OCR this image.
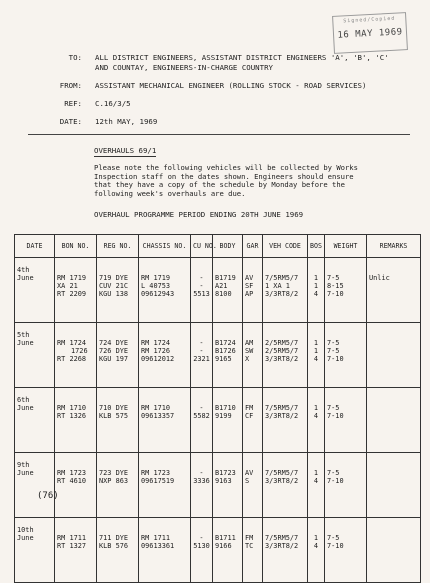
Signed/Copied
16 MAY 1969
TO: ALL DISTRICT ENGINEERS, ASSISTANT DISTRICT ENGINEERS 'A', 'B', 'C'
AND COUNTAY, ENGINEERS-IN-CHARGE COUNTRY
FROM: ASSISTANT MECHANICAL ENGINEER (ROLLING STOCK - ROAD SERVICES)
REF: C.16/3/5
DATE: 12th MAY, 1969
OVERHAULS 69/1

Please note the following vehicles will be collected by Works

Inspection staff on the dates shown. Engineers should ensure

that they have a copy of the schedule by Monday before the

following week's overhauls are due.

OVERHAUL PROGRAMME PERIOD ENDING 20TH JUNE 1969
DATE	BON NO.	REG NO.	CHASSIS NO.	CU NO.	BODY	GAR	VEH CODE	BOS	WEIGHT	REMARKS

4th
June	RM 1719
XA 21
RT 2209	719 DYE
CUV 21C
KGU 138	RM 1719
L 40753
09612943	-
-
5513	B1719
A21
8100	AV
SF
AP	7/5RM5/7
1 XA 1
3/3RT8/2	1
1
4	7-5
8-15
7-10	Unlic

5th
June	RM 1724
1726
RT 2268	724 DYE
726 DYE
KGU 197	RM 1724
RM 1726
09612012	-
-
2321	B1724
B1726
9165	AM
SW
X	2/5RM5/7
2/5RM5/7
3/3RT8/2	1
1
4	7-5
7-5
7-10	

6th
June	RM 1710
RT 1326	710 DYE
KLB 575	RM 1710
09613357	-
5582	B1710
9199	FM
CF	7/5RM5/7
3/3RT8/2	1
4	7-5
7-10	

9th
June	RM 1723
RT 4610	723 DYE
NXP 863	RM 1723
09617519	-
3336	B1723
9163	AV
S	7/5RM5/7
3/3RT8/2	1
4	7-5
7-10	

10th
June	RM 1711
RT 1327	711 DYE
KLB 576	RM 1711
09613361	-
5130	B1711
9166	FM
TC	7/5RM5/7
3/3RT8/2	1
4	7-5
7-10	

(76)
